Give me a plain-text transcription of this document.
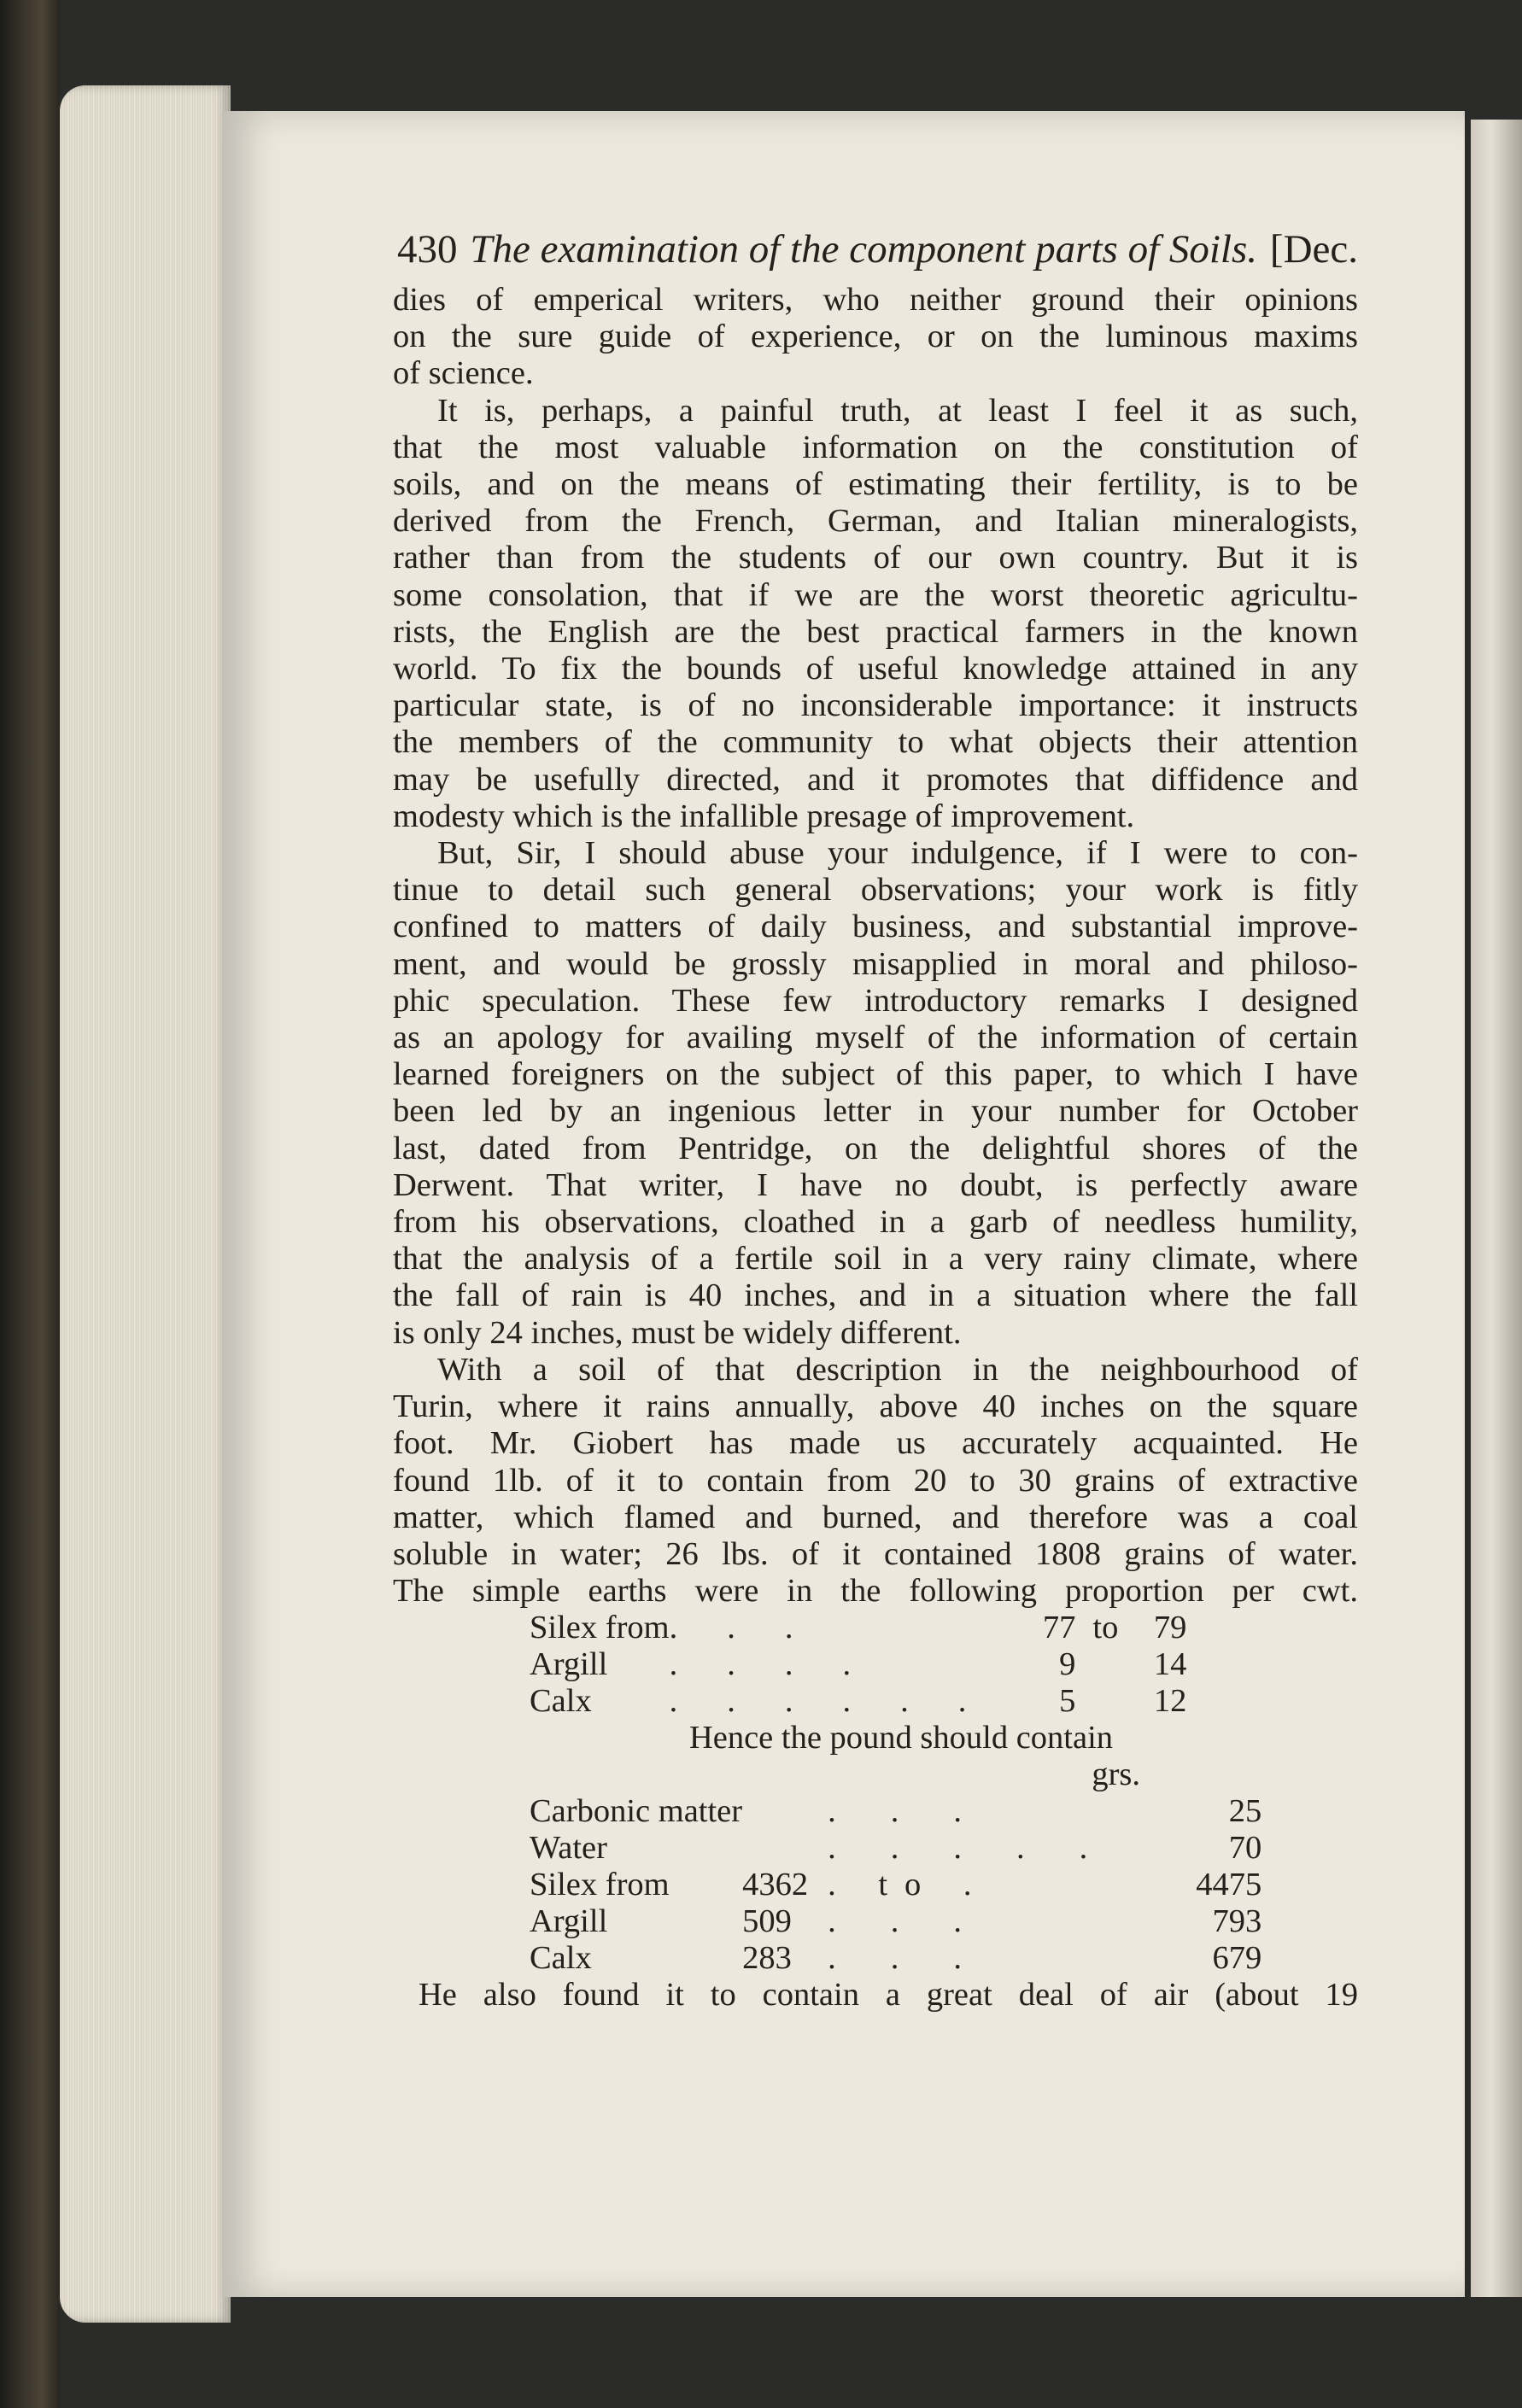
430 The examination of the component parts of Soils. [Dec.

dies of emperical writers, who neither ground their opinions
on the sure guide of experience, or on the luminous maxims
of science.

It is, perhaps, a painful truth, at least I feel it as such,
that the most valuable information on the constitution of
soils, and on the means of estimating their fertility, is to be
derived from the French, German, and Italian mineralogists,
rather than from the students of our own country. But it is
some consolation, that if we are the worst theoretic agricultu-
rists, the English are the best practical farmers in the known
world. To fix the bounds of useful knowledge attained in any
particular state, is of no inconsiderable importance: it instructs
the members of the community to what objects their attention
may be usefully directed, and it promotes that diffidence and
modesty which is the infallible presage of improvement.

But, Sir, I should abuse your indulgence, if I were to con-
tinue to detail such general observations; your work is fitly
confined to matters of daily business, and substantial improve-
ment, and would be grossly misapplied in moral and philoso-
phic speculation. These few introductory remarks I designed
as an apology for availing myself of the information of certain
learned foreigners on the subject of this paper, to which I have
been led by an ingenious letter in your number for October
last, dated from Pentridge, on the delightful shores of the
Derwent. That writer, I have no doubt, is perfectly aware
from his observations, cloathed in a garb of needless humility,
that the analysis of a fertile soil in a very rainy climate, where
the fall of rain is 40 inches, and in a situation where the fall
is only 24 inches, must be widely different.

With a soil of that description in the neighbourhood of
Turin, where it rains annually, above 40 inches on the square
foot. Mr. Giobert has made us accurately acquainted. He
found 1lb. of it to contain from 20 to 30 grains of extractive
matter, which flamed and burned, and therefore was a coal
soluble in water; 26 lbs. of it contained 1808 grains of water.
The simple earths were in the following proportion per cwt.

Silex from	...	77	to	79
Argill	....	9		14
Calx	......	5		12
Hence the pound should contain
grs.
Carbonic matter		...	25
Water		.....	70
Silex from	4362	. to .	4475
Argill	509	...	793
Calx	283	...	679

He also found it to contain a great deal of air (about 19
